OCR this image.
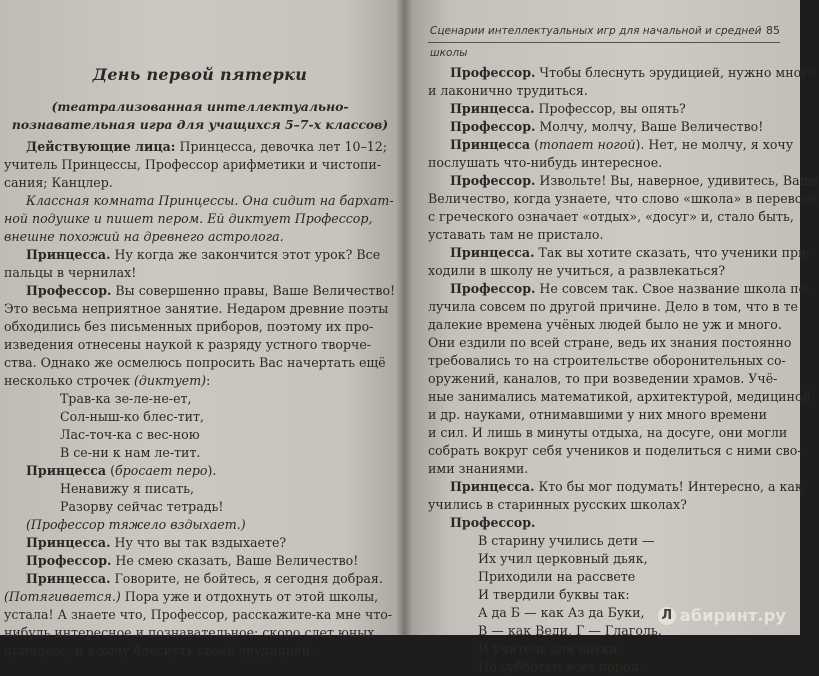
День первой пятерки
(театрализованная интеллектуально-
познавательная игра для учащихся 5–7-х классов)
Действующие лица: Принцесса, девочка лет 10–12;
учитель Принцессы, Профессор арифметики и чистопи-
сания; Канцлер.
Классная комната Принцессы. Она сидит на бархат-
ной подушке и пишет пером. Ей диктует Профессор,
внешне похожий на древнего астролога.
Принцесса. Ну когда же закончится этот урок? Все
пальцы в чернилах!
Профессор. Вы совершенно правы, Ваше Величество!
Это весьма неприятное занятие. Недаром древние поэты
обходились без письменных приборов, поэтому их про-
изведения отнесены наукой к разряду устного творче-
ства. Однако же осмелюсь попросить Вас начертать ещё
несколько строчек (диктует):
Трав-ка зе-ле-не-ет,
Сол-ныш-ко блес-тит,
Лас-точ-ка с вес-ною
В се-ни к нам ле-тит.
Принцесса (бросает перо).
Ненавижу я писать,
Разорву сейчас тетрадь!
(Профессор тяжело вздыхает.)
Принцесса. Ну что вы так вздыхаете?
Профессор. Не смею сказать, Ваше Величество!
Принцесса. Говорите, не бойтесь, я сегодня добрая.
(Потягивается.) Пора уже и отдохнуть от этой школы,
устала! А знаете что, Профессор, расскажите-ка мне что-
нибудь интересное и познавательное: скоро слет юных
принцесс, и я хочу блеснуть своей эрудицией.
Сценарии интеллектуальных игр для начальной и средней школы
85
Профессор. Чтобы блеснуть эрудицией, нужно много
и лаконично трудиться.
Принцесса. Профессор, вы опять?
Профессор. Молчу, молчу, Ваше Величество!
Принцесса (топает ногой). Нет, не молчу, я хочу
послушать что-нибудь интересное.
Профессор. Извольте! Вы, наверное, удивитесь, Ваше
Величество, когда узнаете, что слово «школа» в переводе
с греческого означает «отдых», «досуг» и, стало быть,
уставать там не пристало.
Принцесса. Так вы хотите сказать, что ученики при-
ходили в школу не учиться, а развлекаться?
Профессор. Не совсем так. Свое название школа по-
лучила совсем по другой причине. Дело в том, что в те
далекие времена учёных людей было не уж и много.
Они ездили по всей стране, ведь их знания постоянно
требовались то на строительстве оборонительных со-
оружений, каналов, то при возведении храмов. Учё-
ные занимались математикой, архитектурой, медициной
и др. науками, отнимавшими у них много времени
и сил. И лишь в минуты отдыха, на досуге, они могли
собрать вокруг себя учеников и поделиться с ними сво-
ими знаниями.
Принцесса. Кто бы мог подумать! Интересно, а как
учились в старинных русских школах?
Профессор.
В старину учились дети —
Их учил церковный дьяк,
Приходили на рассвете
И твердили буквы так:
А да Б — как Аз да Буки,
В — как Веди, Г — Глаголь.
И учитель для науки
По субботам всех порол.
Л абиринт.ру
